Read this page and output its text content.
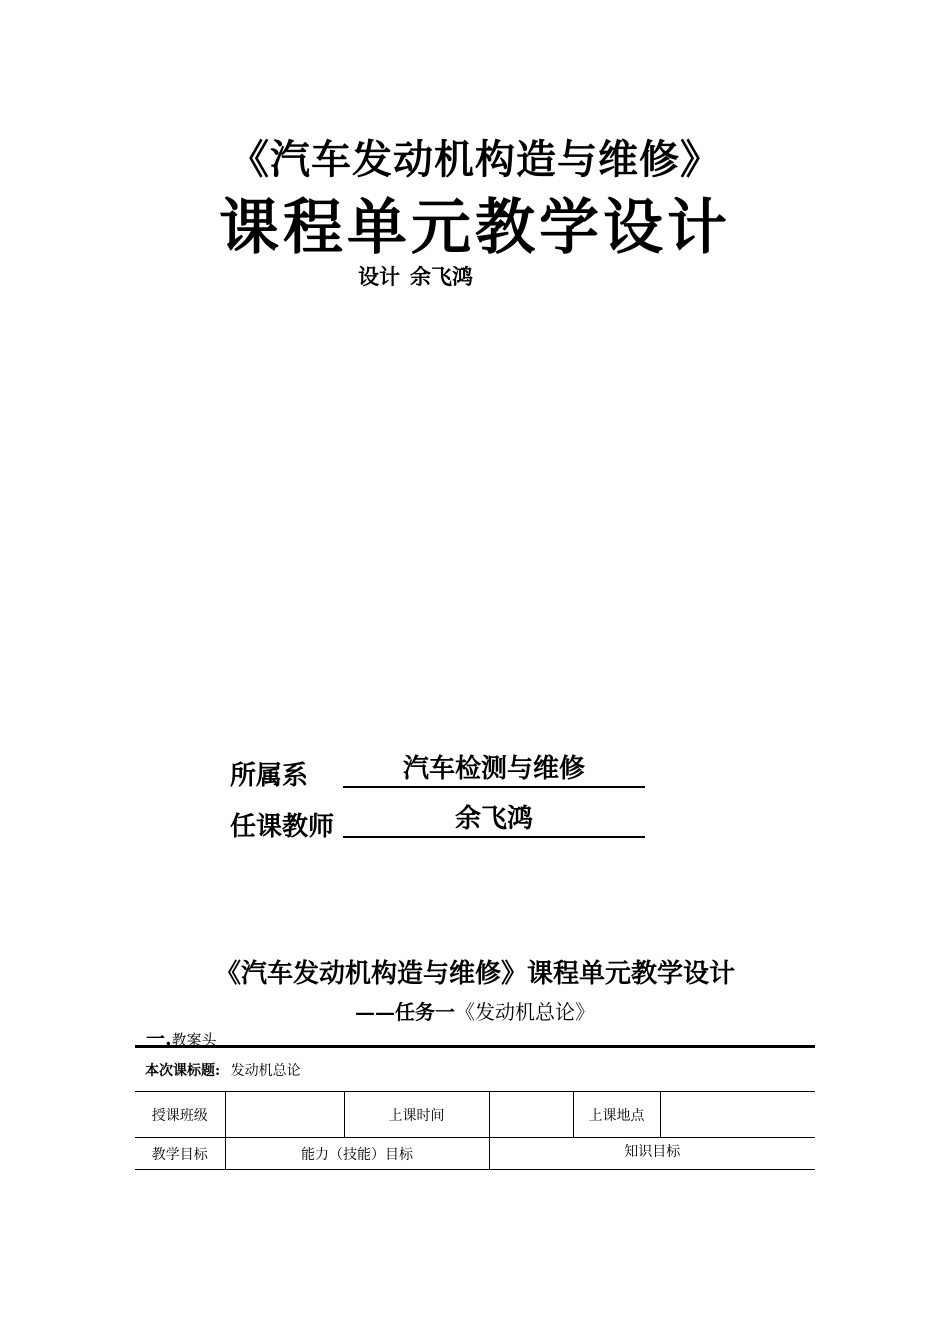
《汽车发动机构造与维修》
课程单元教学设计
设计 余飞鸿
所属系	汽车检测与维修
任课教师	余飞鸿
《汽车发动机构造与维修》课程单元教学设计
——任务一《发动机总论》
一.教案头
本次课标题: 发动机总论					
授课班级		上课时间		上课地点	
教学目标	能力（技能）目标		知识目标		
